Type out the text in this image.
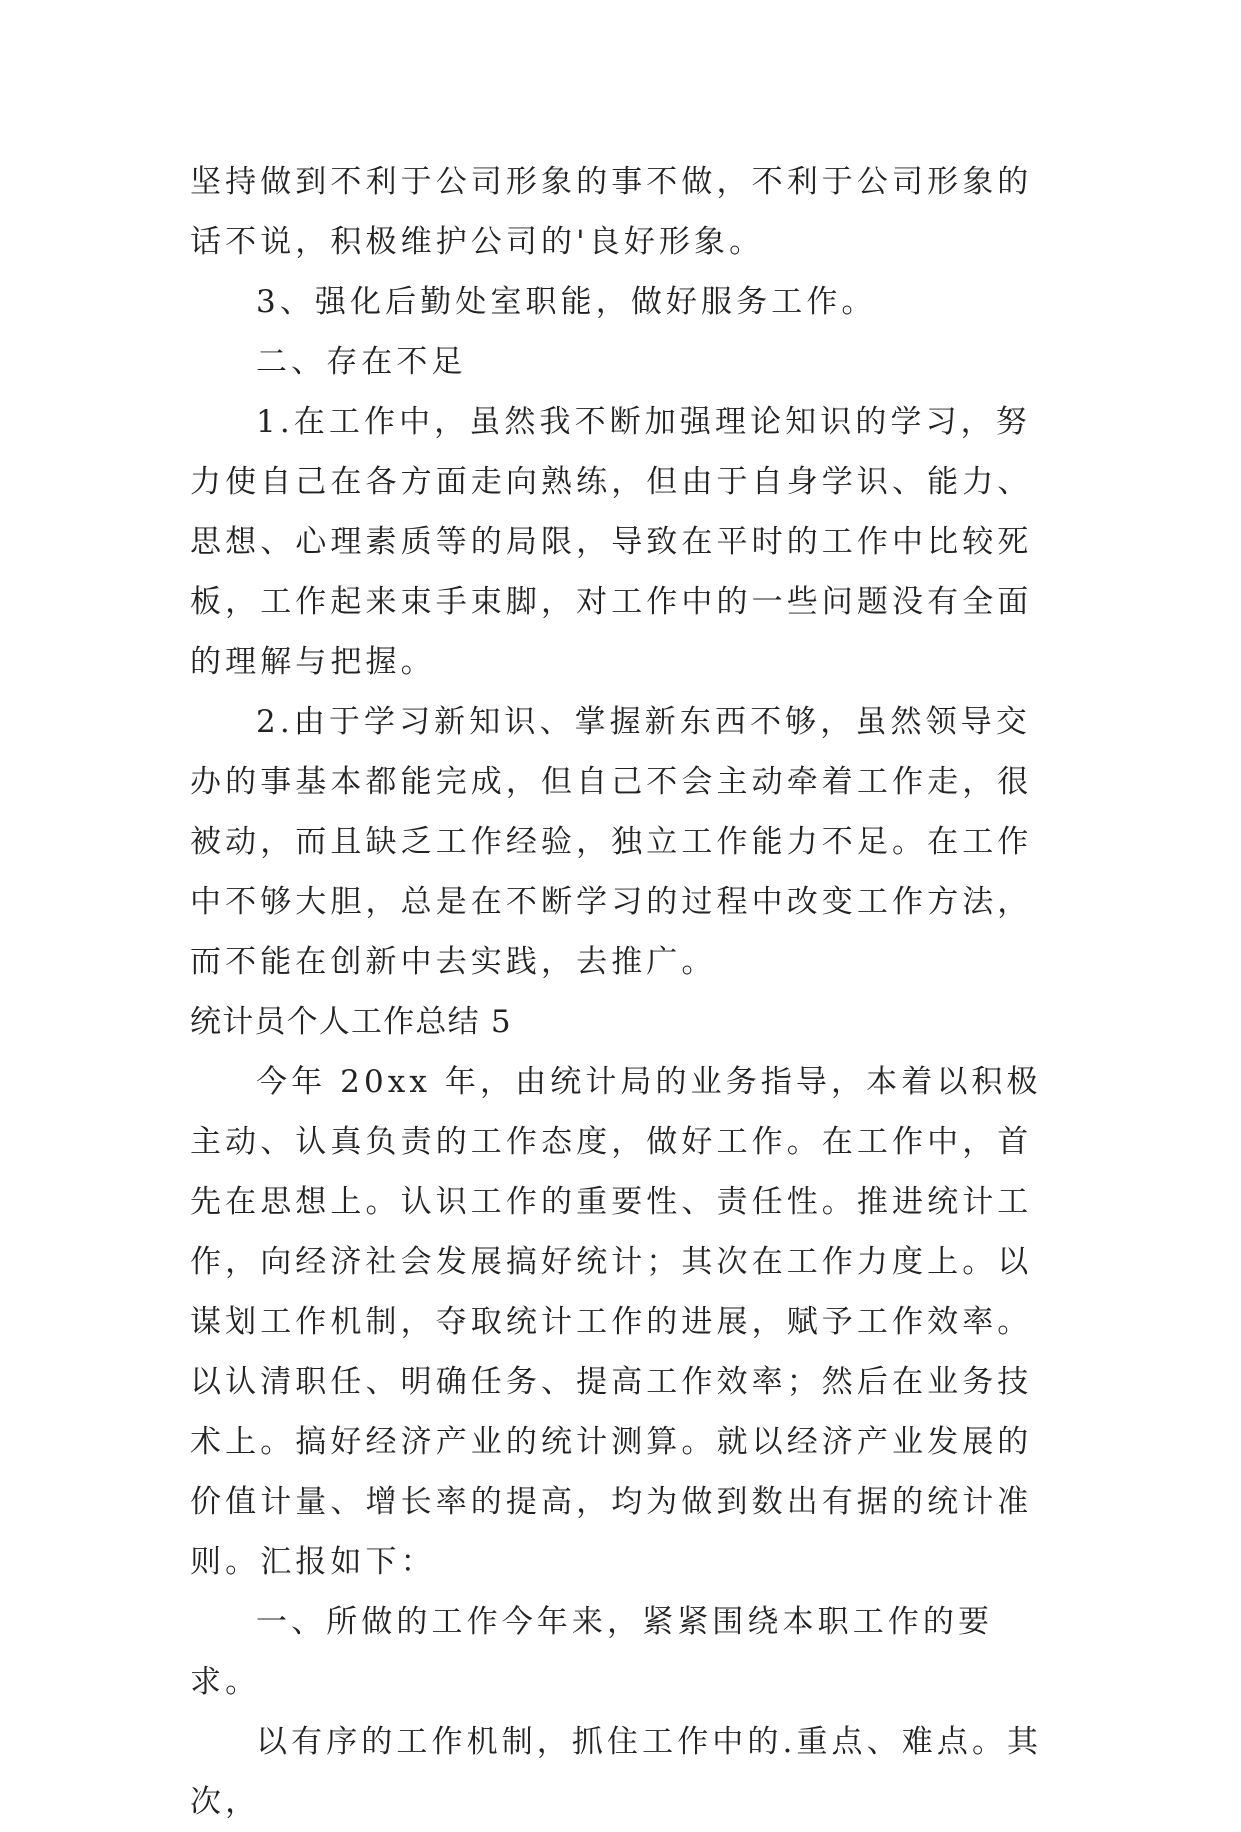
坚持做到不利于公司形象的事不做，不利于公司形象的话不说，积极维护公司的'良好形象。

3、强化后勤处室职能，做好服务工作。

二、存在不足

1.在工作中，虽然我不断加强理论知识的学习，努力使自己在各方面走向熟练，但由于自身学识、能力、思想、心理素质等的局限，导致在平时的工作中比较死板，工作起来束手束脚，对工作中的一些问题没有全面的理解与把握。

2.由于学习新知识、掌握新东西不够，虽然领导交办的事基本都能完成，但自己不会主动牵着工作走，很被动，而且缺乏工作经验，独立工作能力不足。在工作中不够大胆，总是在不断学习的过程中改变工作方法，而不能在创新中去实践，去推广。

统计员个人工作总结 5

今年 20xx 年，由统计局的业务指导，本着以积极主动、认真负责的工作态度，做好工作。在工作中，首先在思想上。认识工作的重要性、责任性。推进统计工作，向经济社会发展搞好统计；其次在工作力度上。以谋划工作机制，夺取统计工作的进展，赋予工作效率。以认清职任、明确任务、提高工作效率；然后在业务技术上。搞好经济产业的统计测算。就以经济产业发展的价值计量、增长率的提高，均为做到数出有据的统计准则。汇报如下：

一、所做的工作今年来，紧紧围绕本职工作的要求。

以有序的工作机制，抓住工作中的.重点、难点。其次，
